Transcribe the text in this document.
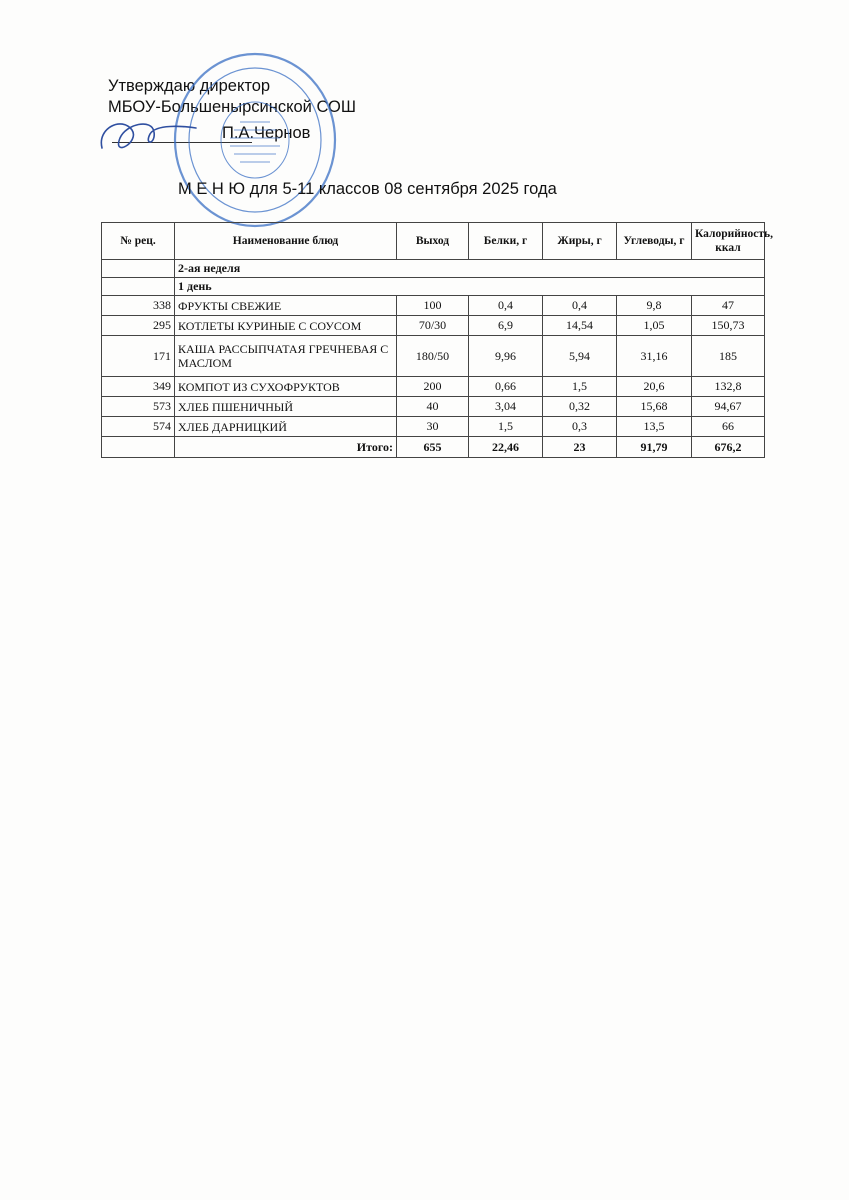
Утверждаю директор
МБОУ-Большенырсинской СОШ
П.А.Чернов
М Е Н Ю для 5-11 классов 08 сентября 2025 года
№ рец.	Наименование блюд	Выход	Белки, г	Жиры, г	Углеводы, г	Калорийность, ккал
	2-ая неделя					
	1 день					
338	ФРУКТЫ СВЕЖИЕ	100	0,4	0,4	9,8	47
295	КОТЛЕТЫ КУРИНЫЕ С СОУСОМ	70/30	6,9	14,54	1,05	150,73
171	КАША РАССЫПЧАТАЯ ГРЕЧНЕВАЯ С МАСЛОМ	180/50	9,96	5,94	31,16	185
349	КОМПОТ ИЗ СУХОФРУКТОВ	200	0,66	1,5	20,6	132,8
573	ХЛЕБ ПШЕНИЧНЫЙ	40	3,04	0,32	15,68	94,67
574	ХЛЕБ ДАРНИЦКИЙ	30	1,5	0,3	13,5	66
	Итого:	655	22,46	23	91,79	676,2
